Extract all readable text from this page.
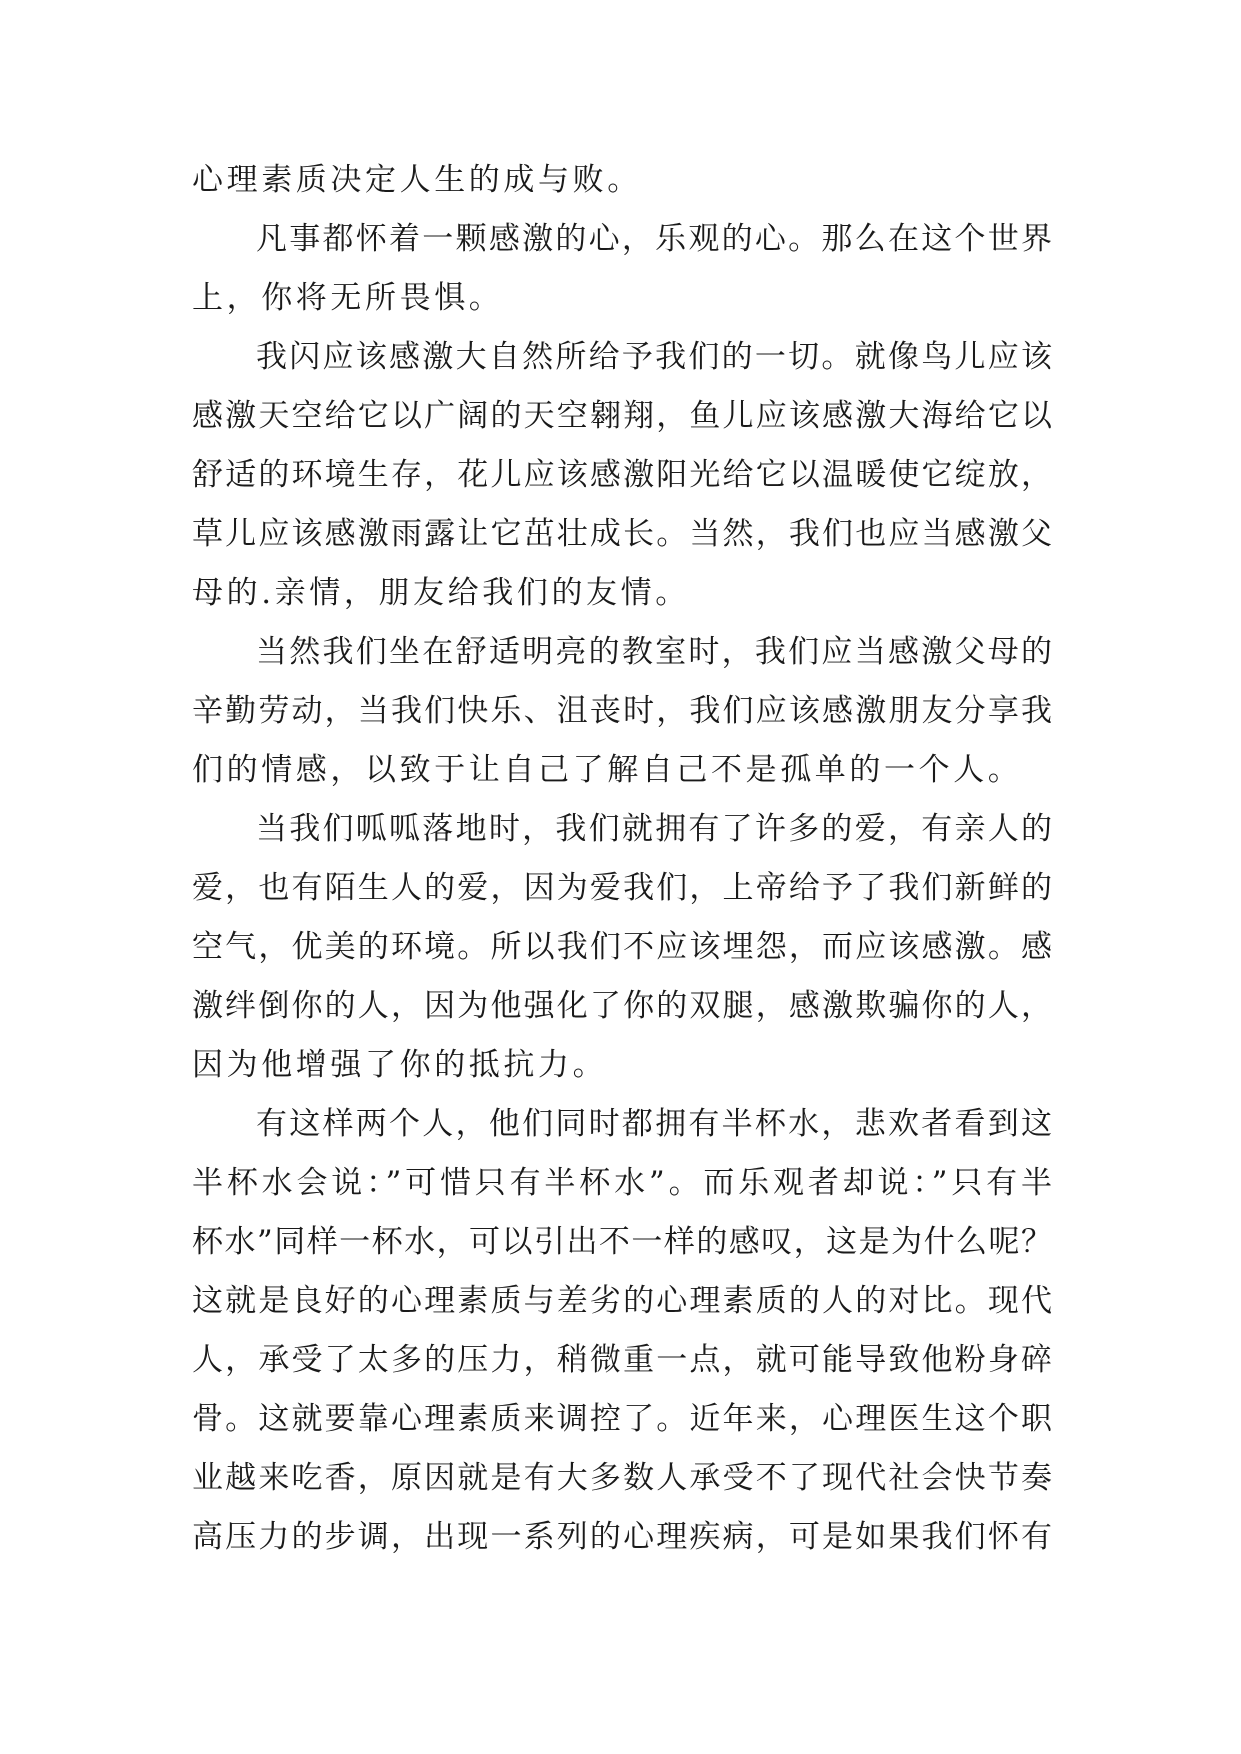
心理素质决定人生的成与败。
凡事都怀着一颗感激的心，乐观的心。那么在这个世界
上，你将无所畏惧。
我闪应该感激大自然所给予我们的一切。就像鸟儿应该
感激天空给它以广阔的天空翱翔，鱼儿应该感激大海给它以
舒适的环境生存，花儿应该感激阳光给它以温暖使它绽放，
草儿应该感激雨露让它茁壮成长。当然，我们也应当感激父
母的.亲情，朋友给我们的友情。
当然我们坐在舒适明亮的教室时，我们应当感激父母的
辛勤劳动，当我们快乐、沮丧时，我们应该感激朋友分享我
们的情感，以致于让自己了解自己不是孤单的一个人。
当我们呱呱落地时，我们就拥有了许多的爱，有亲人的
爱，也有陌生人的爱，因为爱我们，上帝给予了我们新鲜的
空气，优美的环境。所以我们不应该埋怨，而应该感激。感
激绊倒你的人，因为他强化了你的双腿，感激欺骗你的人，
因为他增强了你的抵抗力。
有这样两个人，他们同时都拥有半杯水，悲欢者看到这
半杯水会说：”可惜只有半杯水”。而乐观者却说：”只有半
杯水”同样一杯水，可以引出不一样的感叹，这是为什么呢？
这就是良好的心理素质与差劣的心理素质的人的对比。现代
人，承受了太多的压力，稍微重一点，就可能导致他粉身碎
骨。这就要靠心理素质来调控了。近年来，心理医生这个职
业越来吃香，原因就是有大多数人承受不了现代社会快节奏
高压力的步调，出现一系列的心理疾病，可是如果我们怀有
